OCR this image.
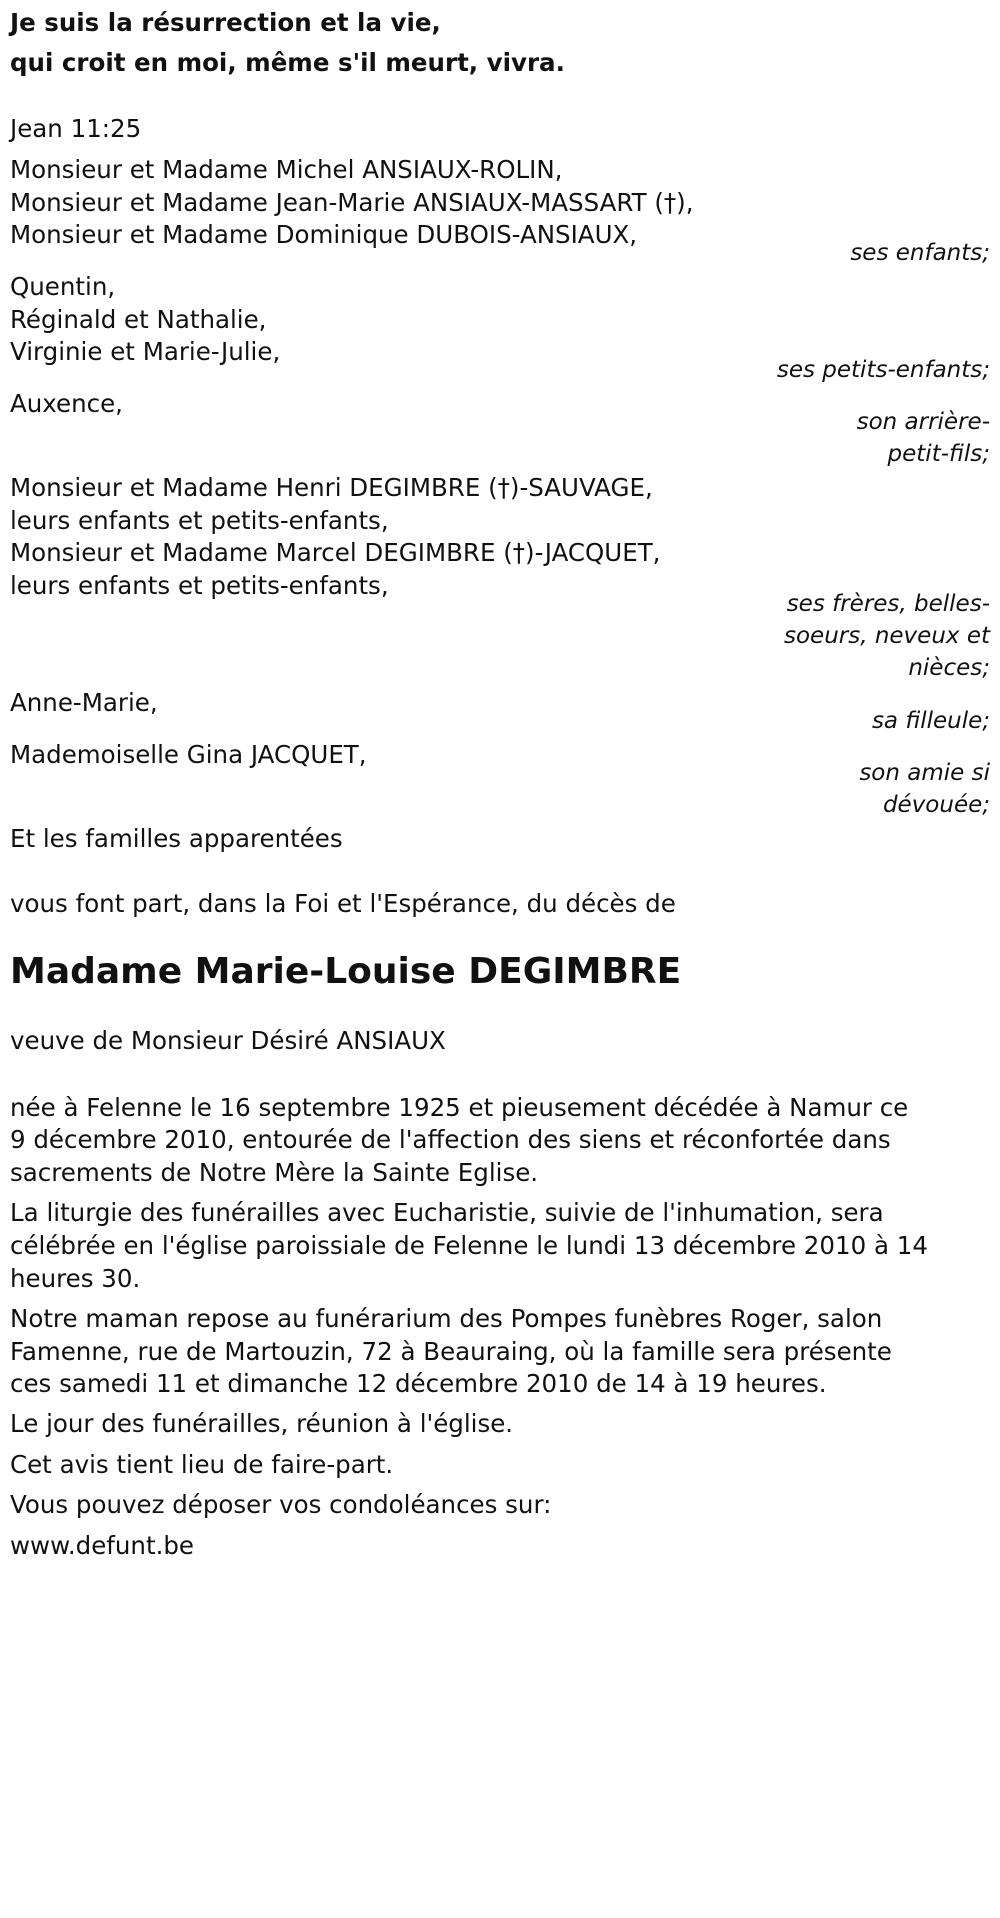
Je suis la résurrection et la vie,
qui croit en moi, même s'il meurt, vivra.
Jean 11:25
Monsieur et Madame Michel ANSIAUX-ROLIN,
Monsieur et Madame Jean-Marie ANSIAUX-MASSART (†),
Monsieur et Madame Dominique DUBOIS-ANSIAUX,
ses enfants;
Quentin,
Réginald et Nathalie,
Virginie et Marie-Julie,
ses petits-enfants;
Auxence,
son arrière-
petit-fils;
Monsieur et Madame Henri DEGIMBRE (†)-SAUVAGE,
leurs enfants et petits-enfants,
Monsieur et Madame Marcel DEGIMBRE (†)-JACQUET,
leurs enfants et petits-enfants,
ses frères, belles-
soeurs, neveux et
nièces;
Anne-Marie,
sa filleule;
Mademoiselle Gina JACQUET,
son amie si
dévouée;
Et les familles apparentées
vous font part, dans la Foi et l'Espérance, du décès de
Madame Marie-Louise DEGIMBRE
veuve de Monsieur Désiré ANSIAUX
née à Felenne le 16 septembre 1925 et pieusement décédée à Namur ce
9 décembre 2010, entourée de l'affection des siens et réconfortée dans
sacrements de Notre Mère la Sainte Eglise.
La liturgie des funérailles avec Eucharistie, suivie de l'inhumation, sera
célébrée en l'église paroissiale de Felenne le lundi 13 décembre 2010 à 14
heures 30.
Notre maman repose au funérarium des Pompes funèbres Roger, salon
Famenne, rue de Martouzin, 72 à Beauraing, où la famille sera présente
ces samedi 11 et dimanche 12 décembre 2010 de 14 à 19 heures.
Le jour des funérailles, réunion à l'église.
Cet avis tient lieu de faire-part.
Vous pouvez déposer vos condoléances sur:
www.defunt.be
